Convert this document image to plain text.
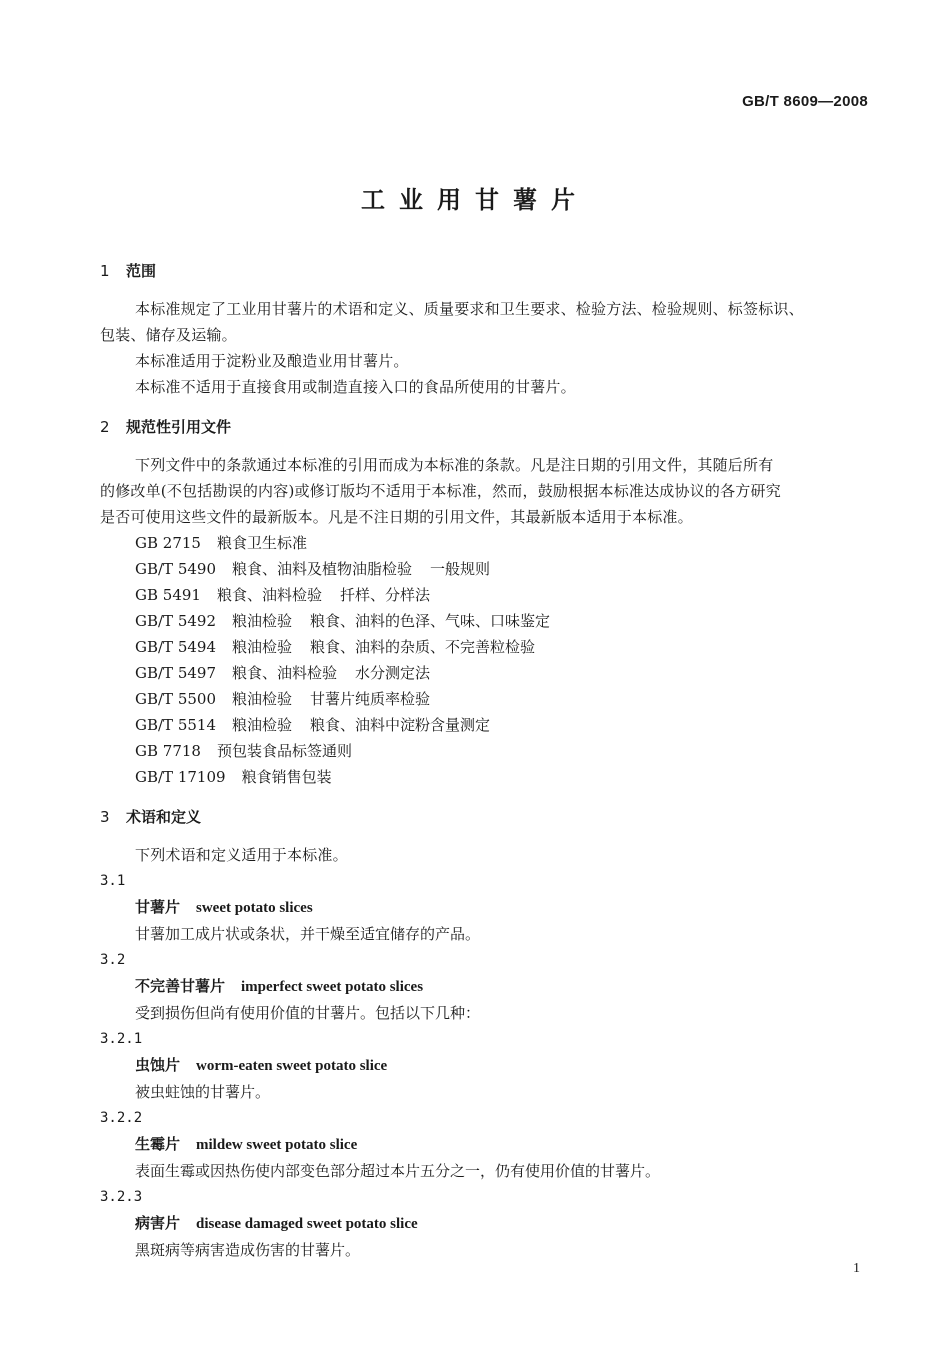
GB/T 8609—2008
工业用甘薯片

1 范围

本标准规定了工业用甘薯片的术语和定义、质量要求和卫生要求、检验方法、检验规则、标签标识、

包装、储存及运输。

本标准适用于淀粉业及酿造业用甘薯片。

本标准不适用于直接食用或制造直接入口的食品所使用的甘薯片。

2 规范性引用文件

下列文件中的条款通过本标准的引用而成为本标准的条款。凡是注日期的引用文件，其随后所有

的修改单(不包括勘误的内容)或修订版均不适用于本标准，然而，鼓励根据本标准达成协议的各方研究

是否可使用这些文件的最新版本。凡是不注日期的引用文件，其最新版本适用于本标准。

GB 2715 粮食卫生标准

GB/T 5490 粮食、油料及植物油脂检验 一般规则

GB 5491 粮食、油料检验 扦样、分样法

GB/T 5492 粮油检验 粮食、油料的色泽、气味、口味鉴定

GB/T 5494 粮油检验 粮食、油料的杂质、不完善粒检验

GB/T 5497 粮食、油料检验 水分测定法

GB/T 5500 粮油检验 甘薯片纯质率检验

GB/T 5514 粮油检验 粮食、油料中淀粉含量测定

GB 7718 预包装食品标签通则

GB/T 17109 粮食销售包装

3 术语和定义

下列术语和定义适用于本标准。

3.1

甘薯片 sweet potato slices

甘薯加工成片状或条状，并干燥至适宜储存的产品。

3.2

不完善甘薯片 imperfect sweet potato slices

受到损伤但尚有使用价值的甘薯片。包括以下几种：

3.2.1

虫蚀片 worm-eaten sweet potato slice

被虫蛀蚀的甘薯片。

3.2.2

生霉片 mildew sweet potato slice

表面生霉或因热伤使内部变色部分超过本片五分之一，仍有使用价值的甘薯片。

3.2.3

病害片 disease damaged sweet potato slice

黑斑病等病害造成伤害的甘薯片。

1
